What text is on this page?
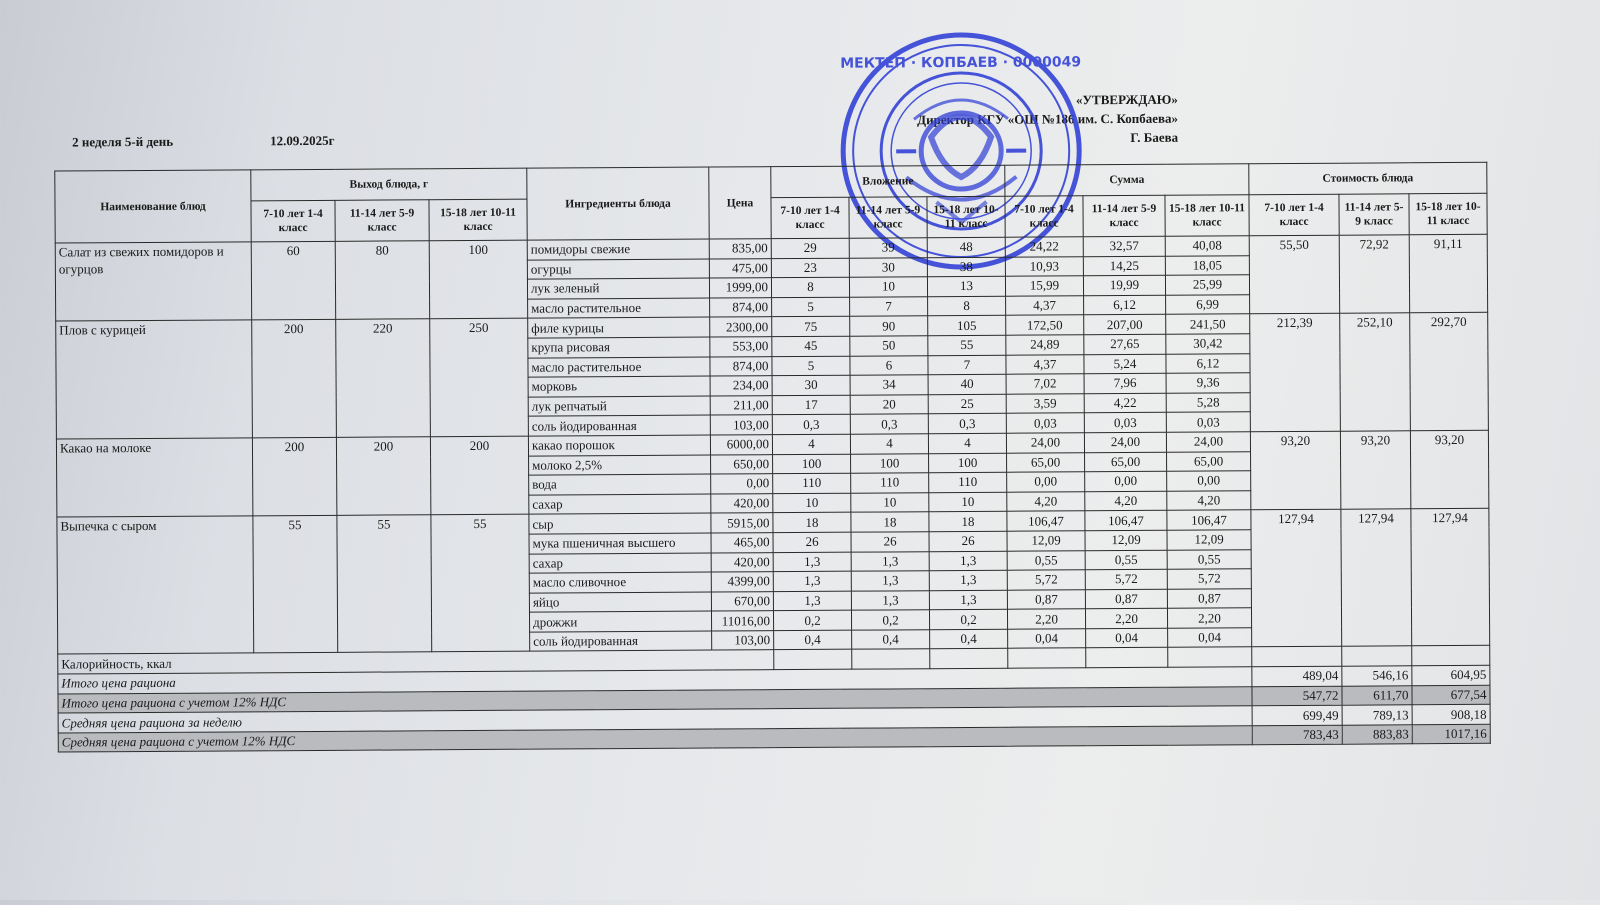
2 неделя 5-й день	12.09.2025г
«УТВЕРЖДАЮ»
Директор КГУ «ОШ №186 им. С. Копбаева»
Г. Баева
МЕКТЕП · КОПБАЕВ · 0000049
Наименование блюд	Выход блюда, г			Ингредиенты блюда	Цена	Вложение			Сумма			Стоимость блюда		
	7-10 лет 1-4 класс	11-14 лет 5-9 класс	15-18 лет 10-11 класс			7-10 лет 1-4 класс	11-14 лет 5-9 класс	15-18 лет 10-11 класс	7-10 лет 1-4 класс	11-14 лет 5-9 класс	15-18 лет 10-11 класс	7-10 лет 1-4 класс	11-14 лет 5-9 класс	15-18 лет 10-11 класс
Салат из свежих помидоров и огурцов	60	80	100	помидоры свежие	835,00	29	39	48	24,22	32,57	40,08	55,50	72,92	91,11
				огурцы	475,00	23	30	38	10,93	14,25	18,05			
				лук зеленый	1999,00	8	10	13	15,99	19,99	25,99			
				масло растительное	874,00	5	7	8	4,37	6,12	6,99			
Плов с курицей	200	220	250	филе курицы	2300,00	75	90	105	172,50	207,00	241,50	212,39	252,10	292,70
				крупа рисовая	553,00	45	50	55	24,89	27,65	30,42			
				масло растительное	874,00	5	6	7	4,37	5,24	6,12			
				морковь	234,00	30	34	40	7,02	7,96	9,36			
				лук репчатый	211,00	17	20	25	3,59	4,22	5,28			
				соль йодированная	103,00	0,3	0,3	0,3	0,03	0,03	0,03			
Какао на молоке	200	200	200	какао порошок	6000,00	4	4	4	24,00	24,00	24,00	93,20	93,20	93,20
				молоко 2,5%	650,00	100	100	100	65,00	65,00	65,00			
				вода	0,00	110	110	110	0,00	0,00	0,00			
				сахар	420,00	10	10	10	4,20	4,20	4,20			
Выпечка с сыром	55	55	55	сыр	5915,00	18	18	18	106,47	106,47	106,47	127,94	127,94	127,94
				мука пшеничная высшего	465,00	26	26	26	12,09	12,09	12,09			
				сахар	420,00	1,3	1,3	1,3	0,55	0,55	0,55			
				масло сливочное	4399,00	1,3	1,3	1,3	5,72	5,72	5,72			
				яйцо	670,00	1,3	1,3	1,3	0,87	0,87	0,87			
				дрожжи	11016,00	0,2	0,2	0,2	2,20	2,20	2,20			
				соль йодированная	103,00	0,4	0,4	0,4	0,04	0,04	0,04			
Калорийность, ккал														
Итого цена рациона												489,04	546,16	604,95
Итого цена рациона с учетом 12% НДС												547,72	611,70	677,54
Средняя цена рациона за неделю												699,49	789,13	908,18
Средняя цена рациона с учетом 12% НДС												783,43	883,83	1017,16
